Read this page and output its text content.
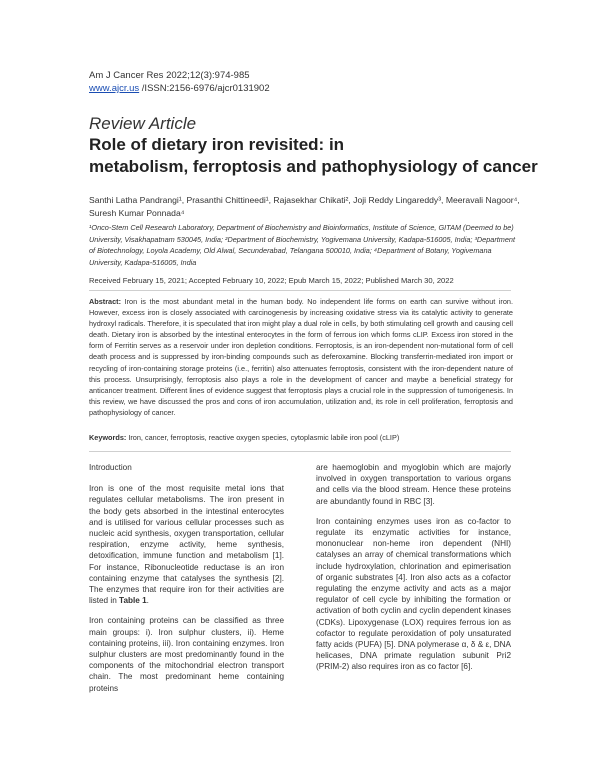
Am J Cancer Res 2022;12(3):974-985
www.ajcr.us /ISSN:2156-6976/ajcr0131902
Review Article
Role of dietary iron revisited: in
metabolism, ferroptosis and pathophysiology of cancer
Santhi Latha Pandrangi¹, Prasanthi Chittineedi¹, Rajasekhar Chikati², Joji Reddy Lingareddy³, Meeravali Nagoor⁴, Suresh Kumar Ponnada⁴
¹Onco-Stem Cell Research Laboratory, Department of Biochemistry and Bioinformatics, Institute of Science, GITAM (Deemed to be) University, Visakhapatnam 530045, India; ²Department of Biochemistry, Yogivemana University, Kadapa-516005, India; ³Department of Biotechnology, Loyola Academy, Old Alwal, Secunderabad, Telangana 500010, India; ⁴Department of Botany, Yogivemana University, Kadapa-516005, India
Received February 15, 2021; Accepted February 10, 2022; Epub March 15, 2022; Published March 30, 2022
Abstract: Iron is the most abundant metal in the human body. No independent life forms on earth can survive without iron. However, excess iron is closely associated with carcinogenesis by increasing oxidative stress via its catalytic activity to generate hydroxyl radicals. Therefore, it is speculated that iron might play a dual role in cells, by both stimulating cell growth and causing cell death. Dietary iron is absorbed by the intestinal enterocytes in the form of ferrous ion which forms cLIP. Excess iron stored in the form of Ferritin serves as a reservoir under iron depletion conditions. Ferroptosis, is an iron-dependent non-mutational form of cell death process and is suppressed by iron-binding compounds such as deferoxamine. Blocking transferrin-mediated iron import or recycling of iron-containing storage proteins (i.e., ferritin) also attenuates ferroptosis, consistent with the iron-dependent nature of this process. Unsurprisingly, ferroptosis also plays a role in the development of cancer and maybe a beneficial strategy for anticancer treatment. Different lines of evidence suggest that ferroptosis plays a crucial role in the suppression of tumorigenesis. In this review, we have discussed the pros and cons of iron accumulation, utilization and, its role in cell proliferation, ferroptosis and pathophysiology of cancer.
Keywords: Iron, cancer, ferroptosis, reactive oxygen species, cytoplasmic labile iron pool (cLIP)
Introduction

Iron is one of the most requisite metal ions that regulates cellular metabolisms. The iron present in the body gets absorbed in the intestinal enterocytes and is utilised for various cellular processes such as nucleic acid synthesis, oxygen transportation, cellular respiration, enzyme activity, heme synthesis, detoxification, immune function and metabolism [1]. For instance, Ribonucleotide reductase is an iron containing enzyme that catalyses the synthesis [2]. The enzymes that require iron for their activities are listed in Table 1.

Iron containing proteins can be classified as three main groups: i). Iron sulphur clusters, ii). Heme containing proteins, iii). Iron containing enzymes. Iron sulphur clusters are most predominantly found in the components of the mitochondrial electron transport chain. The most predominant heme containing proteins

are haemoglobin and myoglobin which are majorly involved in oxygen transportation to various organs and cells via the blood stream. Hence these proteins are abundantly found in RBC [3].

Iron containing enzymes uses iron as co-factor to regulate its enzymatic activities for instance, mononuclear non-heme iron dependent (NHI) catalyses an array of chemical transformations which include hydroxylation, chlorination and epimerisation of organic substrates [4]. Iron also acts as a cofactor regulating the enzyme activity and acts as a major regulator of cell cycle by inhibiting the formation or activation of both cyclin and cyclin dependent kinases (CDKs). Lipoxygenase (LOX) requires ferrous ion as cofactor to regulate peroxidation of poly unsaturated fatty acids (PUFA) [5]. DNA polymerase α, δ & ε, DNA helicases, DNA primate regulation subunit Pri2 (PRIM-2) also requires iron as co factor [6].
